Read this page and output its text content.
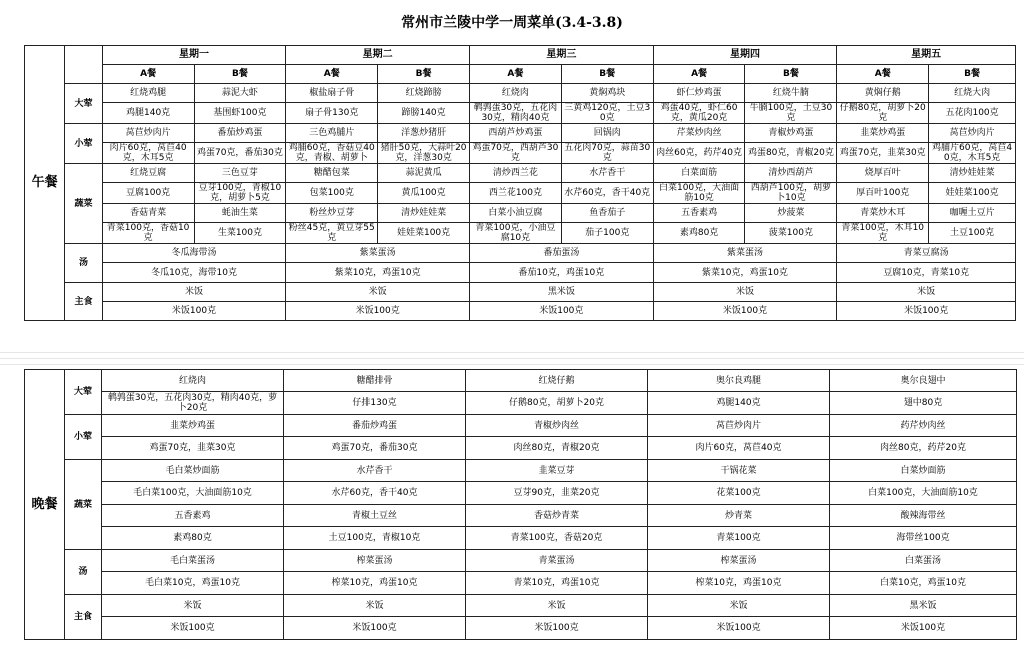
常州市兰陵中学一周菜单(3.4-3.8)
午餐		星期一		星期二		星期三		星期四		星期五	
		A餐	B餐	A餐	B餐	A餐	B餐	A餐	B餐	A餐	B餐
	大荤	红烧鸡腿	蒜泥大虾	椒盐扇子骨	红烧蹄膀	红烧肉	黄焖鸡块	虾仁炒鸡蛋	红烧牛腩	黄焖仔鹅	红烧大肉
		鸡腿140克	基围虾100克	扇子骨130克	蹄膀140克	鹌鹑蛋30克，五花肉30克，精肉40克	三黄鸡120克，土豆30克	鸡蛋40克，虾仁60克，黄瓜20克	牛腩100克，土豆30克	仔鹅80克，胡萝卜20克	五花肉100克
	小荤	莴苣炒肉片	番茄炒鸡蛋	三色鸡脯片	洋葱炒猪肝	西葫芦炒鸡蛋	回锅肉	芹菜炒肉丝	青椒炒鸡蛋	韭菜炒鸡蛋	莴苣炒肉片
		肉片60克，莴苣40克，木耳5克	鸡蛋70克，番茄30克	鸡脯60克，香菇豆40克，青椒、胡萝卜	猪肝50克，大蒜叶20克，洋葱30克	鸡蛋70克，西葫芦30克	五花肉70克，蒜苗30克	肉丝60克，药芹40克	鸡蛋80克，青椒20克	鸡蛋70克，韭菜30克	鸡脯片60克，莴苣40克，木耳5克
	蔬菜	红烧豆腐	三色豆芽	糖醋包菜	蒜泥黄瓜	清炒西兰花	水芹香干	白菜面筋	清炒西葫芦	烧厚百叶	清炒娃娃菜
		豆腐100克	豆芽100克，青椒10克，胡萝卜5克	包菜100克	黄瓜100克	西兰花100克	水芹60克，香干40克	白菜100克，大油面筋10克	西葫芦100克，胡萝卜10克	厚百叶100克	娃娃菜100克
		香菇青菜	蚝油生菜	粉丝炒豆芽	清炒娃娃菜	白菜小油豆腐	鱼香茄子	五香素鸡	炒菠菜	青菜炒木耳	咖喱土豆片
		青菜100克，香菇10克	生菜100克	粉丝45克，黄豆芽55克	娃娃菜100克	青菜100克，小油豆腐10克	茄子100克	素鸡80克	菠菜100克	青菜100克，木耳10克	土豆100克
	汤	冬瓜海带汤		紫菜蛋汤		番茄蛋汤		紫菜蛋汤		青菜豆腐汤	
		冬瓜10克，海带10克		紫菜10克，鸡蛋10克		番茄10克，鸡蛋10克		紫菜10克，鸡蛋10克		豆腐10克，青菜10克	
	主食	米饭		米饭		黑米饭		米饭		米饭	
		米饭100克		米饭100克		米饭100克		米饭100克		米饭100克	
晚餐	大荤	红烧肉	糖醋排骨	红烧仔鹅	奥尔良鸡腿	奥尔良翅中
		鹌鹑蛋30克，五花肉30克，精肉40克，萝卜20克	仔排130克	仔鹅80克，胡萝卜20克	鸡腿140克	翅中80克
	小荤	韭菜炒鸡蛋	番茄炒鸡蛋	青椒炒肉丝	莴苣炒肉片	药芹炒肉丝
		鸡蛋70克，韭菜30克	鸡蛋70克，番茄30克	肉丝80克，青椒20克	肉片60克，莴苣40克	肉丝80克，药芹20克
	蔬菜	毛白菜炒面筋	水芹香干	韭菜豆芽	干锅花菜	白菜炒面筋
		毛白菜100克，大油面筋10克	水芹60克，香干40克	豆芽90克，韭菜20克	花菜100克	白菜100克，大油面筋10克
		五香素鸡	青椒土豆丝	香菇炒青菜	炒青菜	酸辣海带丝
		素鸡80克	土豆100克，青椒10克	青菜100克，香菇20克	青菜100克	海带丝100克
	汤	毛白菜蛋汤	榨菜蛋汤	青菜蛋汤	榨菜蛋汤	白菜蛋汤
		毛白菜10克，鸡蛋10克	榨菜10克，鸡蛋10克	青菜10克，鸡蛋10克	榨菜10克，鸡蛋10克	白菜10克，鸡蛋10克
	主食	米饭	米饭	米饭	米饭	黑米饭
		米饭100克	米饭100克	米饭100克	米饭100克	米饭100克
